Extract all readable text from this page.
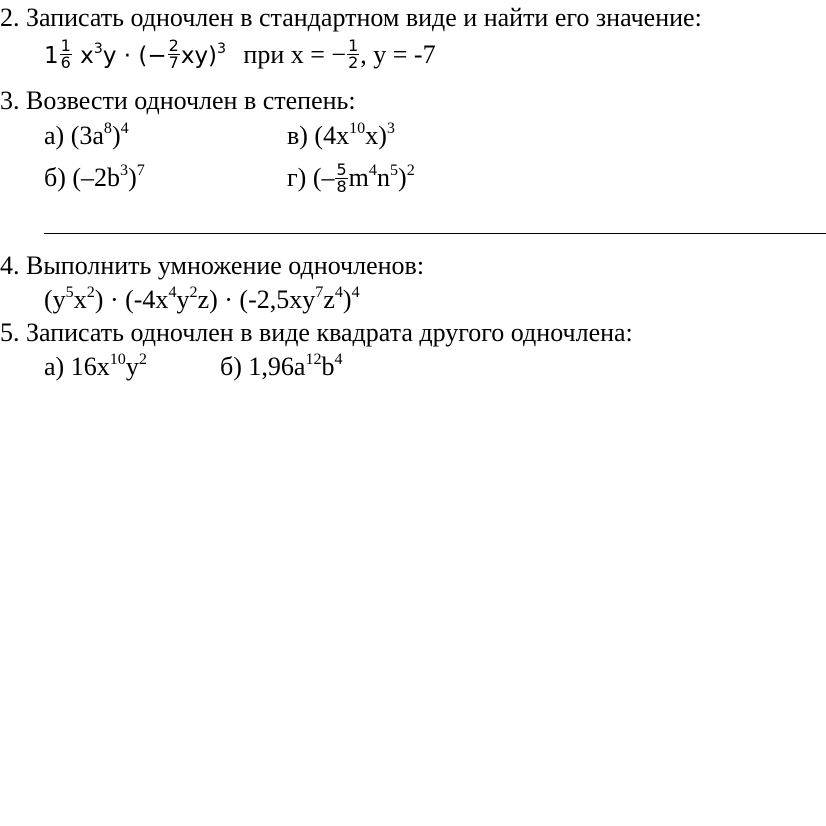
2. Записать одночлен в стандартном виде и найти его значение:
$1 \frac{1}{6} x^3y$ · (− $\frac{2}{7} xy)^3$ при x = − $\frac{1}{2}$ , y = -7
3. Возвести одночлен в степень:
а) $(3a^8)^4$	в) $(4x^{10}x)^3$
б) $(-2b^3)^7$	г) (– $\frac{5}{8} m^4n^5)^2$
4. Выполнить умножение одночленов:
$(y^5x^2) \cdot (-4x^4y^2z) \cdot (-2,5xy^7z^4)^4$
5. Записать одночлен в виде квадрата другого одночлена:
а) $16x^{10}y^2$	б) $1,96a^{12}b^4$
